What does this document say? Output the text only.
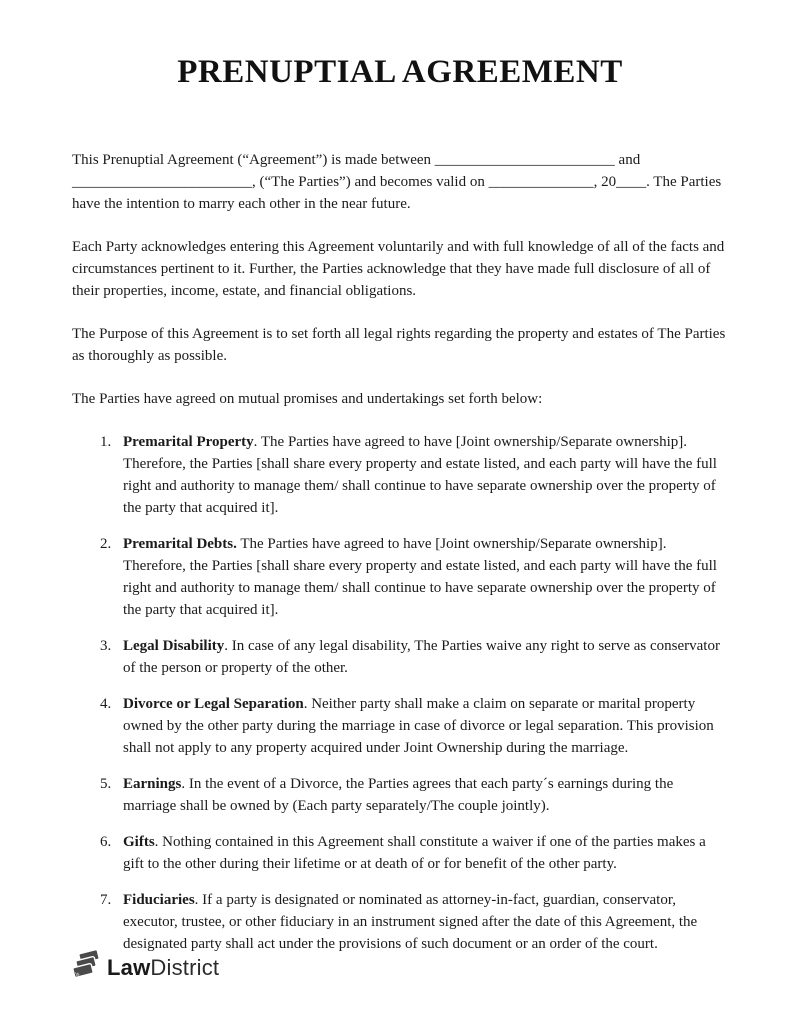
PRENUPTIAL AGREEMENT

This Prenuptial Agreement (“Agreement”) is made between ________________________ and ________________________, (“The Parties”) and becomes valid on ______________, 20____. The Parties have the intention to marry each other in the near future.

Each Party acknowledges entering this Agreement voluntarily and with full knowledge of all of the facts and circumstances pertinent to it. Further, the Parties acknowledge that they have made full disclosure of all of their properties, income, estate, and financial obligations.

The Purpose of this Agreement is to set forth all legal rights regarding the property and estates of The Parties as thoroughly as possible.

The Parties have agreed on mutual promises and undertakings set forth below:

1. Premarital Property. The Parties have agreed to have [Joint ownership/Separate ownership]. Therefore, the Parties [shall share every property and estate listed, and each party will have the full right and authority to manage them/ shall continue to have separate ownership over the property of the party that acquired it].
2. Premarital Debts. The Parties have agreed to have [Joint ownership/Separate ownership]. Therefore, the Parties [shall share every property and estate listed, and each party will have the full right and authority to manage them/ shall continue to have separate ownership over the property of the party that acquired it].
3. Legal Disability. In case of any legal disability, The Parties waive any right to serve as conservator of the person or property of the other.
4. Divorce or Legal Separation. Neither party shall make a claim on separate or marital property owned by the other party during the marriage in case of divorce or legal separation. This provision shall not apply to any property acquired under Joint Ownership during the marriage.
5. Earnings. In the event of a Divorce, the Parties agrees that each party´s earnings during the marriage shall be owned by (Each party separately/The couple jointly).
6. Gifts. Nothing contained in this Agreement shall constitute a waiver if one of the parties makes a gift to the other during their lifetime or at death of or for benefit of the other party.
7. Fiduciaries. If a party is designated or nominated as attorney-in-fact, guardian, conservator, executor, trustee, or other fiduciary in an instrument signed after the date of this Agreement, the designated party shall act under the provisions of such document or an order of the court.
ls LawDistrict
